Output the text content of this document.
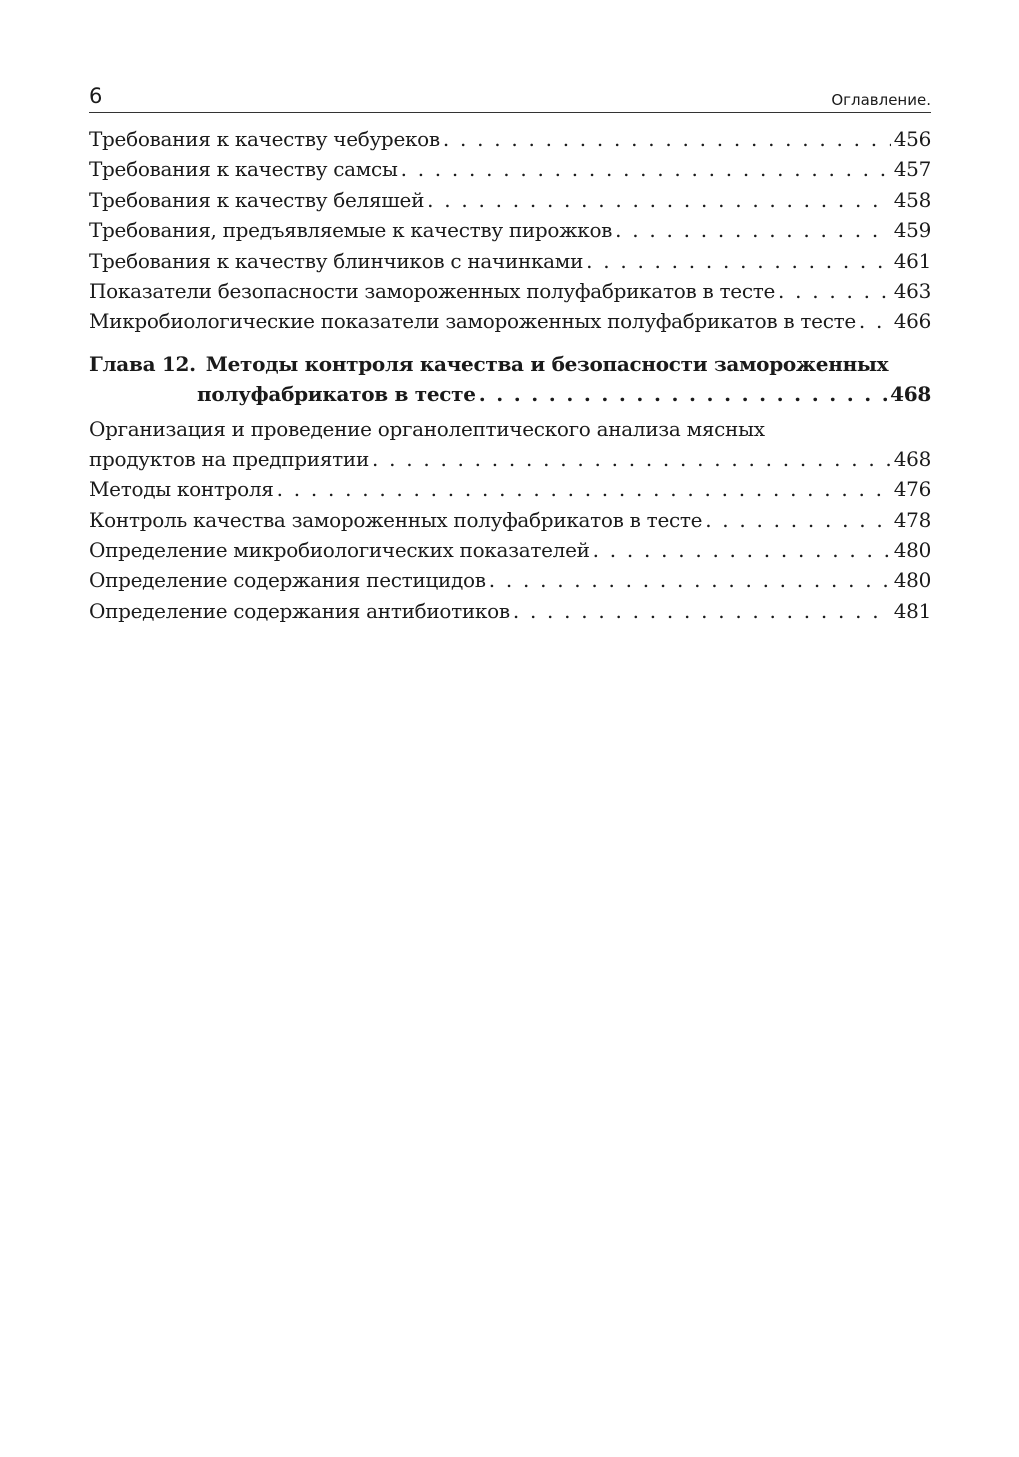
6	Оглавление.
Требования к качеству чебуреков . . .	456
Требования к качеству самсы . . .	457
Требования к качеству беляшей . . .	458
Требования, предъявляемые к качеству пирожков . . .	459
Требования к качеству блинчиков с начинками . . .	461
Показатели безопасности замороженных полуфабрикатов в тесте . . .	463
Микробиологические показатели замороженных полуфабрикатов в тесте . . . 466
Глава 12. Методы контроля качества и безопасности замороженных
полуфабрикатов в тесте . . .	468
Организация и проведение органолептического анализа мясных
продуктов на предприятии . . .	468
Методы контроля . . .	476
Контроль качества замороженных полуфабрикатов в тесте . . .	478
Определение микробиологических показателей . . .	480
Определение содержания пестицидов . . .	480
Определение содержания антибиотиков . . .	481
